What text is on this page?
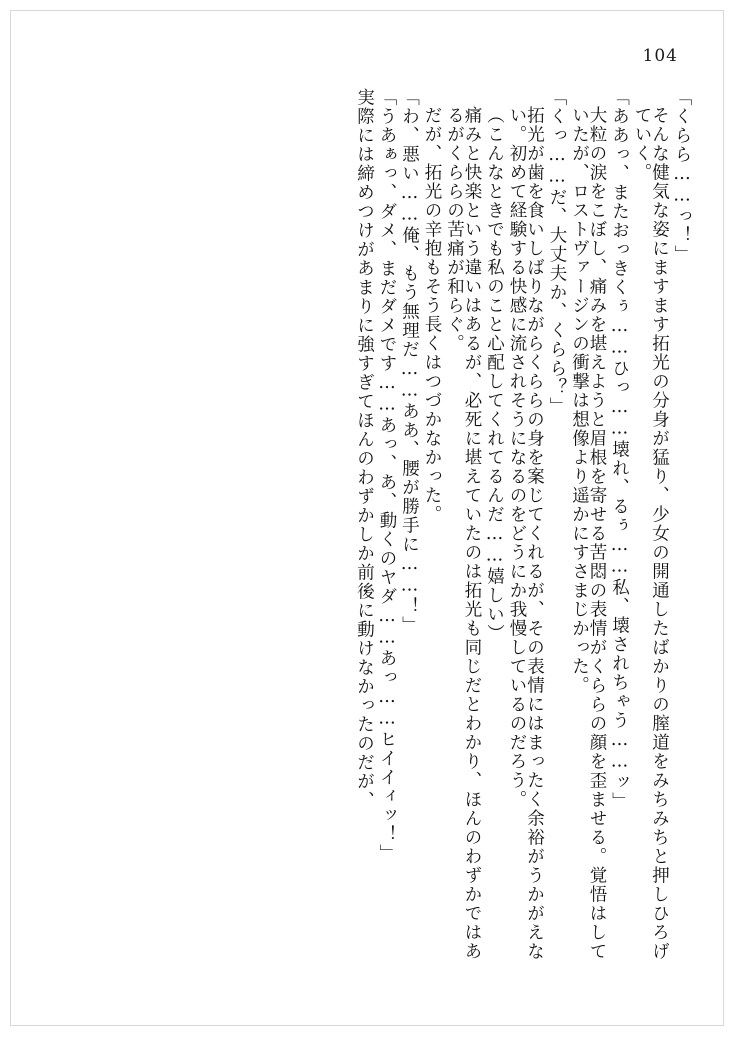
104
「くらら……っ！」
そんな健気な姿にますます拓光の分身が猛り、少女の開通したばかりの膣道をみちみちと押しひろげていく。
「ああっ、またおっきくぅ……ひっ……壊れ、るぅ……私、壊されちゃう……ッ」
大粒の涙をこぼし、痛みを堪えようと眉根を寄せる苦悶の表情がくららの顔を歪ませる。覚悟はしていたが、ロストヴァージンの衝撃は想像より遥かにすさまじかった。
「くっ……だ、大丈夫か、くらら？」
拓光が歯を食いしばりながらくららの身を案じてくれるが、その表情にはまったく余裕がうかがえない。初めて経験する快感に流されそうになるのをどうにか我慢しているのだろう。
（こんなときでも私のこと心配してくれてるんだ……嬉しい）
痛みと快楽という違いはあるが、必死に堪えていたのは拓光も同じだとわかり、ほんのわずかではあるがくららの苦痛が和らぐ。
だが、拓光の辛抱もそう長くはつづかなかった。
「わ、悪い……俺、もう無理だ……ああ、腰が勝手に……！」
「うあぁっ、ダメ、まだダメです……あっ、あ、動くのヤダ……あっ……ヒイイィッ！」
実際には締めつけがあまりに強すぎてほんのわずかしか前後に動けなかったのだが、
